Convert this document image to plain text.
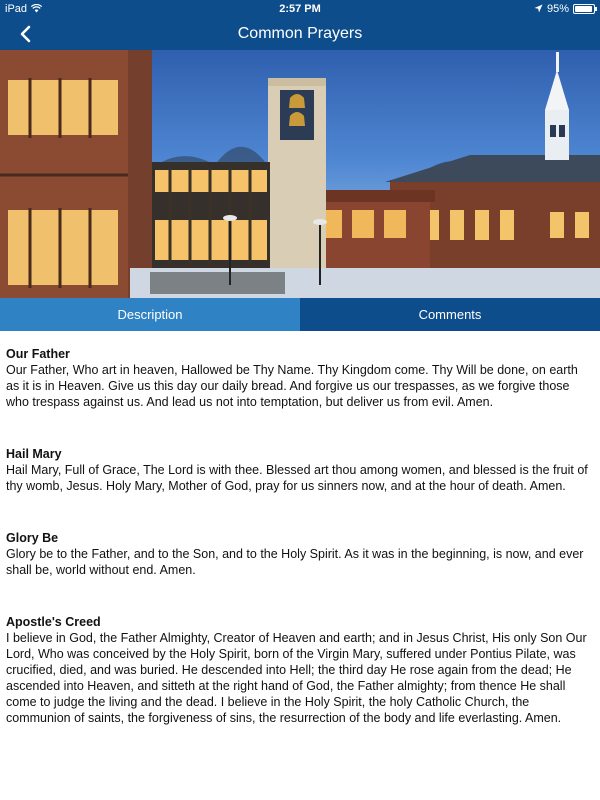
iPad	2:57 PM	95%
Common Prayers
Description	Comments
Our Father
Our Father, Who art in heaven, Hallowed be Thy Name. Thy Kingdom come. Thy Will be done, on earth as it is in Heaven. Give us this day our daily bread. And forgive us our trespasses, as we forgive those who trespass against us. And lead us not into temptation, but deliver us from evil. Amen.
Hail Mary
Hail Mary, Full of Grace, The Lord is with thee. Blessed art thou among women, and blessed is the fruit of thy womb, Jesus. Holy Mary, Mother of God, pray for us sinners now, and at the hour of death. Amen.
Glory Be
Glory be to the Father, and to the Son, and to the Holy Spirit. As it was in the beginning, is now, and ever shall be, world without end. Amen.
Apostle's Creed
I believe in God, the Father Almighty, Creator of Heaven and earth; and in Jesus Christ, His only Son Our Lord, Who was conceived by the Holy Spirit, born of the Virgin Mary, suffered under Pontius Pilate, was crucified, died, and was buried. He descended into Hell; the third day He rose again from the dead; He ascended into Heaven, and sitteth at the right hand of God, the Father almighty; from thence He shall come to judge the living and the dead. I believe in the Holy Spirit, the holy Catholic Church, the communion of saints, the forgiveness of sins, the resurrection of the body and life everlasting. Amen.
